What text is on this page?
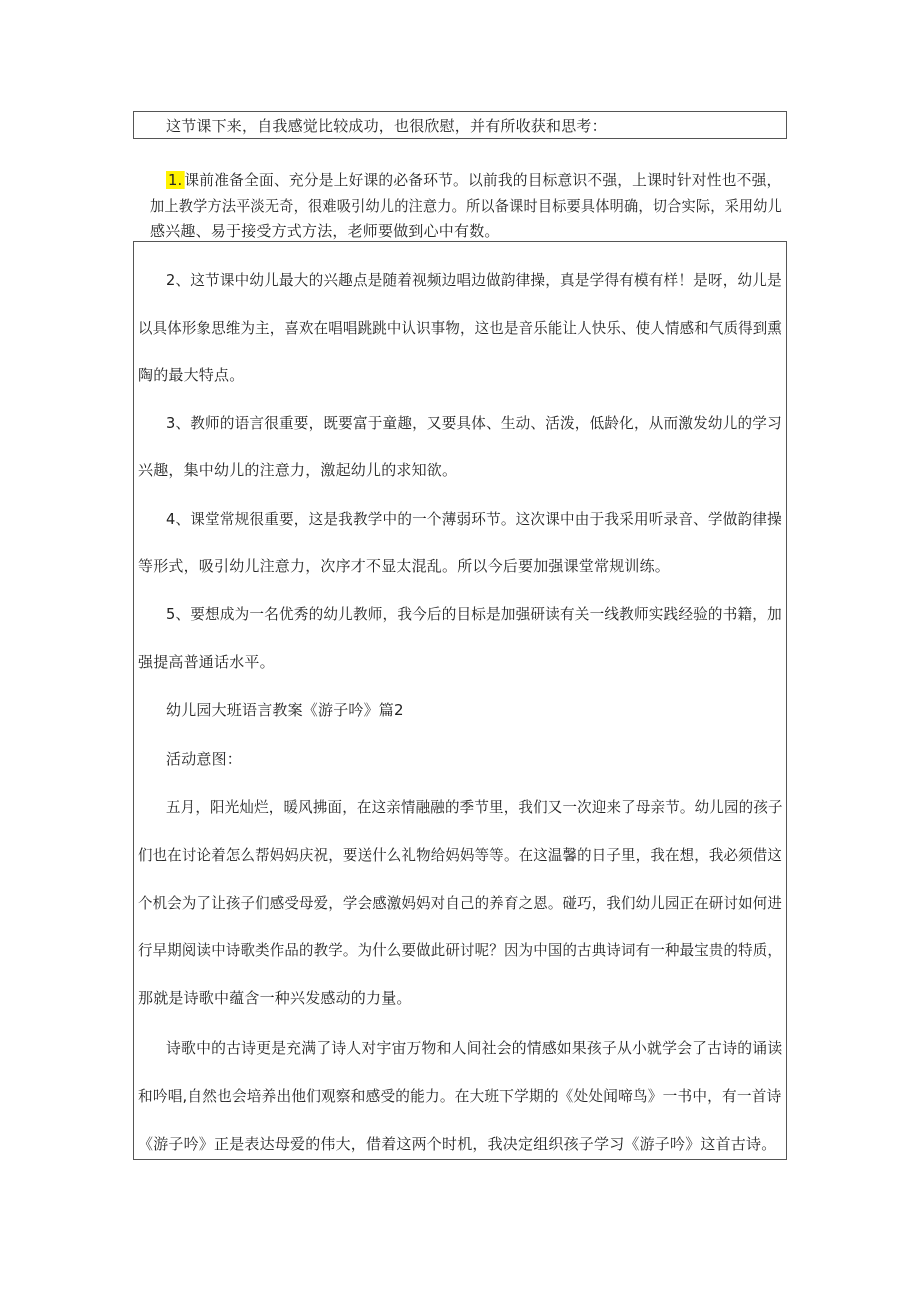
这节课下来，自我感觉比较成功，也很欣慰，并有所收获和思考：
1. 课前准备全面、充分是上好课的必备环节。以前我的目标意识不强，上课时针对性也不强，
加上教学方法平淡无奇，很难吸引幼儿的注意力。所以备课时目标要具体明确，切合实际，采用幼儿
感兴趣、易于接受方式方法，老师要做到心中有数。
2、这节课中幼儿最大的兴趣点是随着视频边唱边做韵律操，真是学得有模有样！是呀，幼儿是
以具体形象思维为主，喜欢在唱唱跳跳中认识事物，这也是音乐能让人快乐、使人情感和气质得到熏
陶的最大特点。
3、教师的语言很重要，既要富于童趣，又要具体、生动、活泼，低龄化，从而激发幼儿的学习
兴趣，集中幼儿的注意力，激起幼儿的求知欲。
4、课堂常规很重要，这是我教学中的一个薄弱环节。这次课中由于我采用听录音、学做韵律操
等形式，吸引幼儿注意力，次序才不显太混乱。所以今后要加强课堂常规训练。
5、要想成为一名优秀的幼儿教师，我今后的目标是加强研读有关一线教师实践经验的书籍，加
强提高普通话水平。
幼儿园大班语言教案《游子吟》篇2
活动意图：
五月，阳光灿烂，暖风拂面，在这亲情融融的季节里，我们又一次迎来了母亲节。幼儿园的孩子
们也在讨论着怎么帮妈妈庆祝，要送什么礼物给妈妈等等。在这温馨的日子里，我在想，我必须借这
个机会为了让孩子们感受母爱，学会感激妈妈对自己的养育之恩。碰巧，我们幼儿园正在研讨如何进
行早期阅读中诗歌类作品的教学。为什么要做此研讨呢？因为中国的古典诗词有一种最宝贵的特质，
那就是诗歌中蕴含一种兴发感动的力量。
诗歌中的古诗更是充满了诗人对宇宙万物和人间社会的情感如果孩子从小就学会了古诗的诵读
和吟唱,自然也会培养出他们观察和感受的能力。在大班下学期的《处处闻啼鸟》一书中，有一首诗
《游子吟》正是表达母爱的伟大，借着这两个时机，我决定组织孩子学习《游子吟》这首古诗。
